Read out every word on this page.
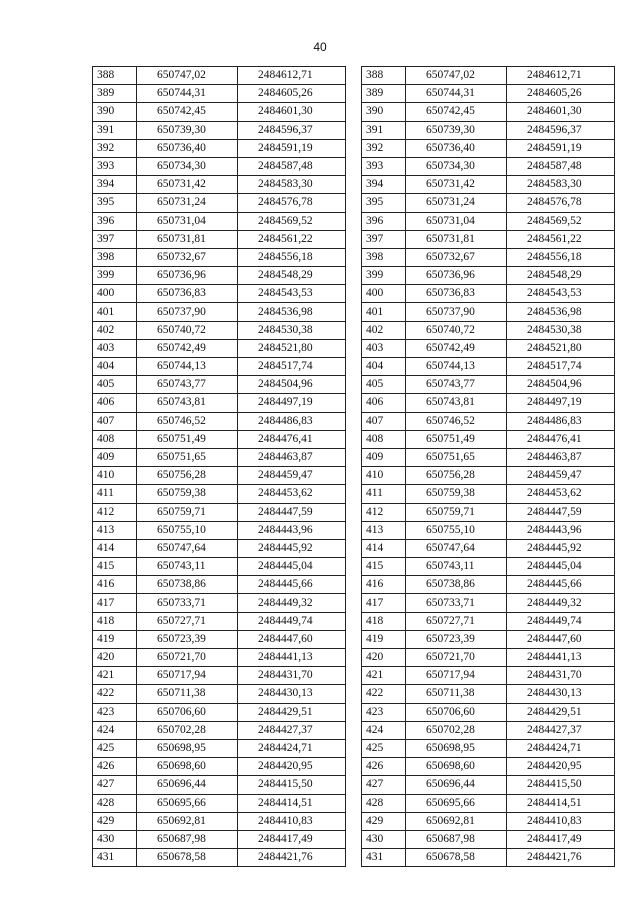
40
388	650747,02	2484612,71
389	650744,31	2484605,26
390	650742,45	2484601,30
391	650739,30	2484596,37
392	650736,40	2484591,19
393	650734,30	2484587,48
394	650731,42	2484583,30
395	650731,24	2484576,78
396	650731,04	2484569,52
397	650731,81	2484561,22
398	650732,67	2484556,18
399	650736,96	2484548,29
400	650736,83	2484543,53
401	650737,90	2484536,98
402	650740,72	2484530,38
403	650742,49	2484521,80
404	650744,13	2484517,74
405	650743,77	2484504,96
406	650743,81	2484497,19
407	650746,52	2484486,83
408	650751,49	2484476,41
409	650751,65	2484463,87
410	650756,28	2484459,47
411	650759,38	2484453,62
412	650759,71	2484447,59
413	650755,10	2484443,96
414	650747,64	2484445,92
415	650743,11	2484445,04
416	650738,86	2484445,66
417	650733,71	2484449,32
418	650727,71	2484449,74
419	650723,39	2484447,60
420	650721,70	2484441,13
421	650717,94	2484431,70
422	650711,38	2484430,13
423	650706,60	2484429,51
424	650702,28	2484427,37
425	650698,95	2484424,71
426	650698,60	2484420,95
427	650696,44	2484415,50
428	650695,66	2484414,51
429	650692,81	2484410,83
430	650687,98	2484417,49
431	650678,58	2484421,76
388	650747,02	2484612,71
389	650744,31	2484605,26
390	650742,45	2484601,30
391	650739,30	2484596,37
392	650736,40	2484591,19
393	650734,30	2484587,48
394	650731,42	2484583,30
395	650731,24	2484576,78
396	650731,04	2484569,52
397	650731,81	2484561,22
398	650732,67	2484556,18
399	650736,96	2484548,29
400	650736,83	2484543,53
401	650737,90	2484536,98
402	650740,72	2484530,38
403	650742,49	2484521,80
404	650744,13	2484517,74
405	650743,77	2484504,96
406	650743,81	2484497,19
407	650746,52	2484486,83
408	650751,49	2484476,41
409	650751,65	2484463,87
410	650756,28	2484459,47
411	650759,38	2484453,62
412	650759,71	2484447,59
413	650755,10	2484443,96
414	650747,64	2484445,92
415	650743,11	2484445,04
416	650738,86	2484445,66
417	650733,71	2484449,32
418	650727,71	2484449,74
419	650723,39	2484447,60
420	650721,70	2484441,13
421	650717,94	2484431,70
422	650711,38	2484430,13
423	650706,60	2484429,51
424	650702,28	2484427,37
425	650698,95	2484424,71
426	650698,60	2484420,95
427	650696,44	2484415,50
428	650695,66	2484414,51
429	650692,81	2484410,83
430	650687,98	2484417,49
431	650678,58	2484421,76
